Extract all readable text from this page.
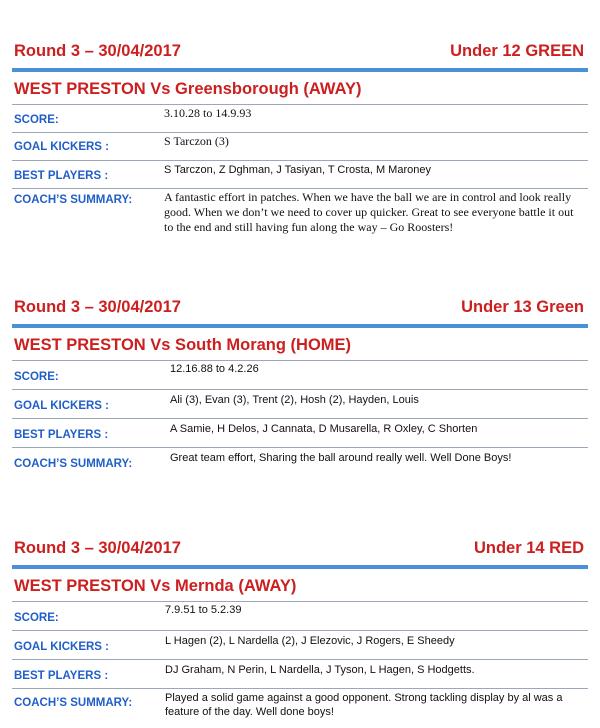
Round 3 – 30/04/2017	Under 12 GREEN
WEST PRESTON Vs Greensborough (AWAY)
SCORE:	3.10.28 to 14.9.93
GOAL KICKERS :	S Tarczon (3)
BEST PLAYERS :	S Tarczon, Z Dghman, J Tasiyan, T Crosta, M Maroney
COACH’S SUMMARY:	A fantastic effort in patches. When we have the ball we are in control and look really good. When we don’t we need to cover up quicker. Great to see everyone battle it out to the end and still having fun along the way – Go Roosters!
Round 3 – 30/04/2017	Under 13 Green
WEST PRESTON Vs South Morang (HOME)
SCORE:
12.16.88 to 4.2.26
GOAL KICKERS :	Ali (3), Evan (3), Trent (2), Hosh (2), Hayden, Louis
BEST PLAYERS :	A Samie, H Delos, J Cannata, D Musarella, R Oxley, C Shorten
COACH’S SUMMARY:	Great team effort, Sharing the ball around really well. Well Done Boys!
Round 3 – 30/04/2017	Under 14 RED
WEST PRESTON Vs Mernda (AWAY)
SCORE:
7.9.51 to 5.2.39
GOAL KICKERS :	L Hagen (2), L Nardella (2), J Elezovic, J Rogers, E Sheedy
BEST PLAYERS :	DJ Graham, N Perin, L Nardella, J Tyson, L Hagen, S Hodgetts.
COACH’S SUMMARY:	Played a solid game against a good opponent. Strong tackling display by al was a feature of the day. Well done boys!
